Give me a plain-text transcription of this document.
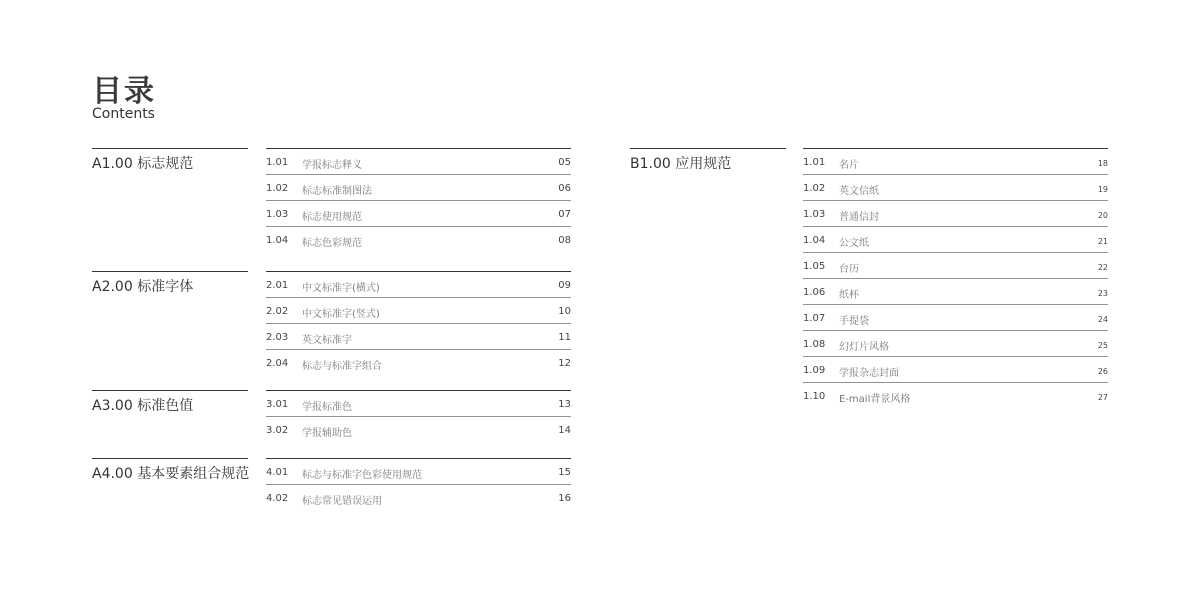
目录
Contents
A1.00 标志规范	1.01 学报标志释义	05
1.02 标志标准制图法	06
1.03 标志使用规范	07
1.04 标志色彩规范	08
A2.00 标准字体	2.01 中文标准字(横式)	09
2.02 中文标准字(竖式)	10
2.03 英文标准字	11
2.04 标志与标准字组合	12
A3.00 标准色值	3.01 学报标准色	13
3.02 学报辅助色	14
A4.00 基本要素组合规范 4.01 标志与标准字色彩使用规范	15
4.02 标志常见错误运用	16
B1.00 应用规范	1.01 名片	18
1.02 英文信纸	19
1.03 普通信封	20
1.04 公文纸	21
1.05 台历	22
1.06 纸杯	23
1.07 手提袋	24
1.08 幻灯片风格	25
1.09 学报杂志封面	26
1.10 E-mail背景风格	27
